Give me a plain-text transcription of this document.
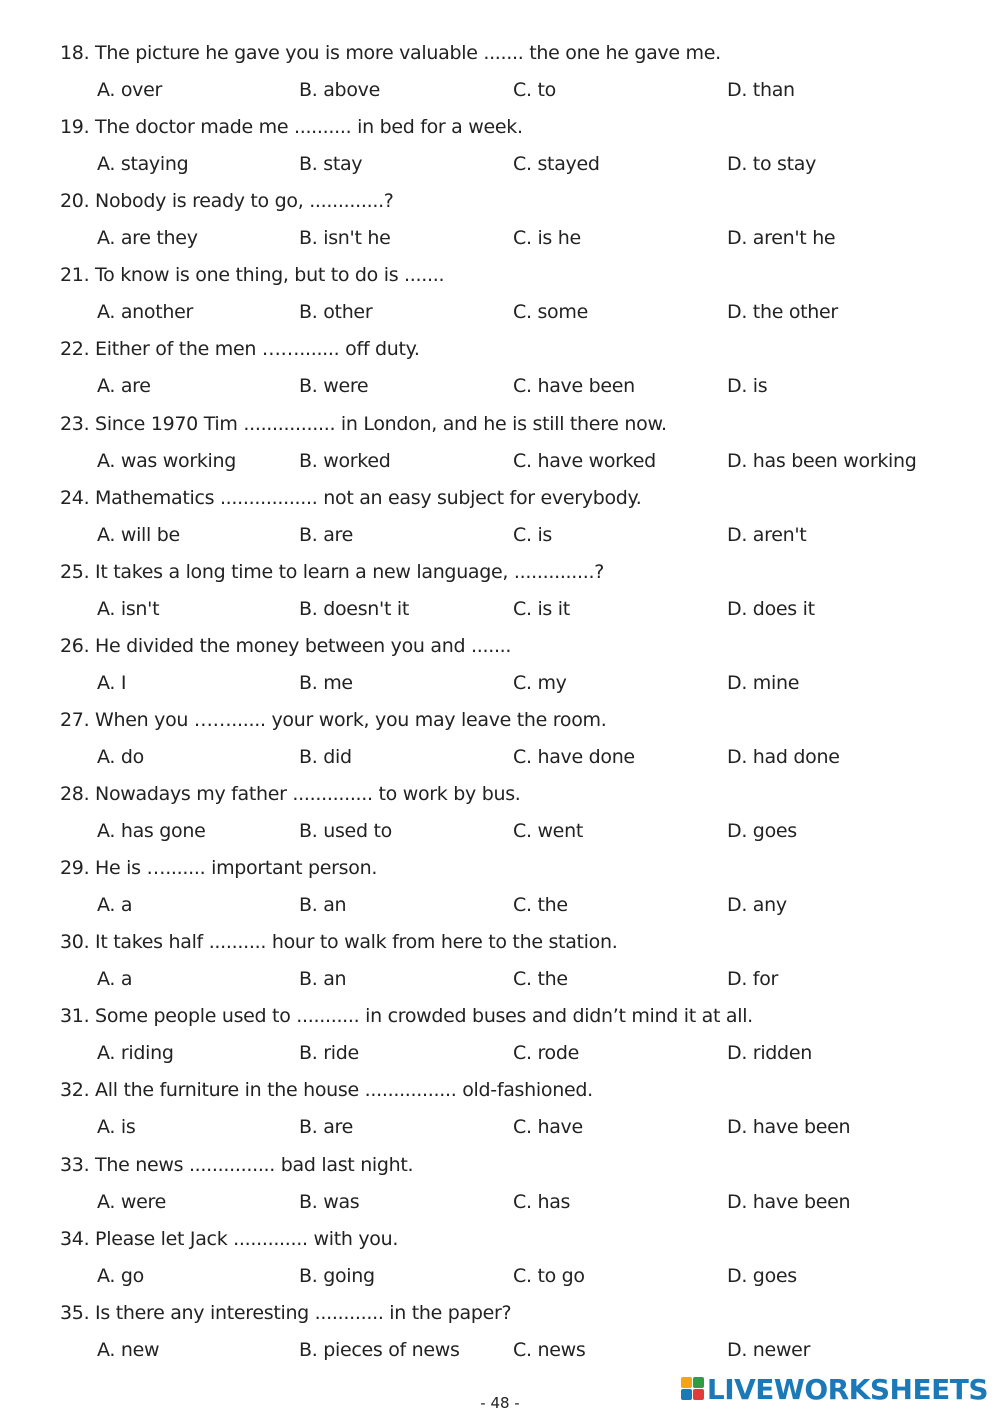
18. The picture he gave you is more valuable ....... the one he gave me.
A. over	B. above	C. to	D. than
19. The doctor made me .......... in bed for a week.
A. staying	B. stay	C. stayed	D. to stay
20. Nobody is ready to go, .............?
A. are they	B. isn't he	C. is he	D. aren't he
21. To know is one thing, but to do is .......
A. another	B. other	C. some	D. the other
22. Either of the men ……....... off duty.
A. are	B. were	C. have been	D. is
23. Since 1970 Tim ................ in London, and he is still there now.
A. was working	B. worked	C. have worked	D. has been working
24. Mathematics ................. not an easy subject for everybody.
A. will be	B. are	C. is	D. aren't
25. It takes a long time to learn a new language, ..............?
A. isn't	B. doesn't it	C. is it	D. does it
26. He divided the money between you and .......
A. I	B. me	C. my	D. mine
27. When you ……...... your work, you may leave the room.
A. do	B. did	C. have done	D. had done
28. Nowadays my father .............. to work by bus.
A. has gone	B. used to	C. went	D. goes
29. He is …....... important person.
A. a	B. an	C. the	D. any
30. It takes half .......... hour to walk from here to the station.
A. a	B. an	C. the	D. for
31. Some people used to ........... in crowded buses and didn’t mind it at all.
A. riding	B. ride	C. rode	D. ridden
32. All the furniture in the house ................ old-fashioned.
A. is	B. are	C. have	D. have been
33. The news ............... bad last night.
A. were	B. was	C. has	D. have been
34. Please let Jack ............. with you.
A. go	B. going	C. to go	D. goes
35. Is there any interesting ............ in the paper?
A. new	B. pieces of news	C. news	D. newer
- 48 -	LIVEWORKSHEETS
